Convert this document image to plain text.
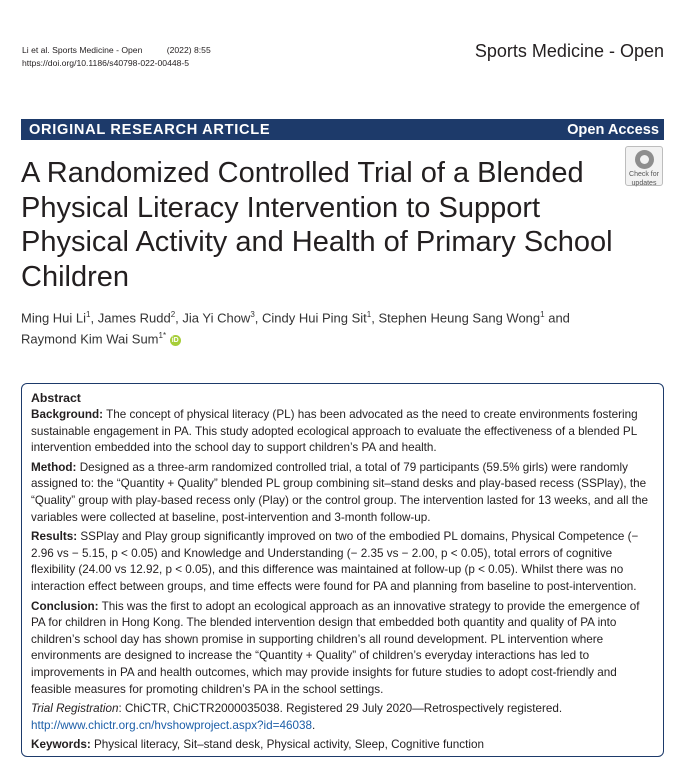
Li et al. Sports Medicine - Open	(2022) 8:55
https://doi.org/10.1186/s40798-022-00448-5
Sports Medicine - Open
ORIGINAL RESEARCH ARTICLE	Open Access
Check for
updates
A Randomized Controlled Trial of a Blended Physical Literacy Intervention to Support Physical Activity and Health of Primary School Children
Ming Hui Li$^1$, James Rudd$^2$, Jia Yi Chow$^3$, Cindy Hui Ping Sit$^1$, Stephen Heung Sang Wong$^1$ and
Raymond Kim Wai Sum$^{1*}$ iD
Abstract

Background: The concept of physical literacy (PL) has been advocated as the need to create environments fostering sustainable engagement in PA. This study adopted ecological approach to evaluate the effectiveness of a blended PL intervention embedded into the school day to support children’s PA and health.

Method: Designed as a three-arm randomized controlled trial, a total of 79 participants (59.5% girls) were randomly assigned to: the “Quantity + Quality” blended PL group combining sit–stand desks and play-based recess (SSPlay), the “Quality” group with play-based recess only (Play) or the control group. The intervention lasted for 13 weeks, and all the variables were collected at baseline, post-intervention and 3-month follow-up.

Results: SSPlay and Play group significantly improved on two of the embodied PL domains, Physical Competence (− 2.96 vs − 5.15, p < 0.05) and Knowledge and Understanding (− 2.35 vs − 2.00, p < 0.05), total errors of cognitive flexibility (24.00 vs 12.92, p < 0.05), and this difference was maintained at follow-up (p < 0.05). Whilst there was no interaction effect between groups, and time effects were found for PA and planning from baseline to post-intervention.

Conclusion: This was the first to adopt an ecological approach as an innovative strategy to provide the emergence of PA for children in Hong Kong. The blended intervention design that embedded both quantity and quality of PA into children’s school day has shown promise in supporting children’s all round development. PL intervention where environments are designed to increase the “Quantity + Quality” of children’s everyday interactions has led to improvements in PA and health outcomes, which may provide insights for future studies to adopt cost-friendly and feasible measures for promoting children’s PA in the school settings.

Trial Registration: ChiCTR, ChiCTR2000035038. Registered 29 July 2020—Retrospectively registered. http://www.chictr.org.cn/hvshowproject.aspx?id=46038.

Keywords: Physical literacy, Sit–stand desk, Physical activity, Sleep, Cognitive function
